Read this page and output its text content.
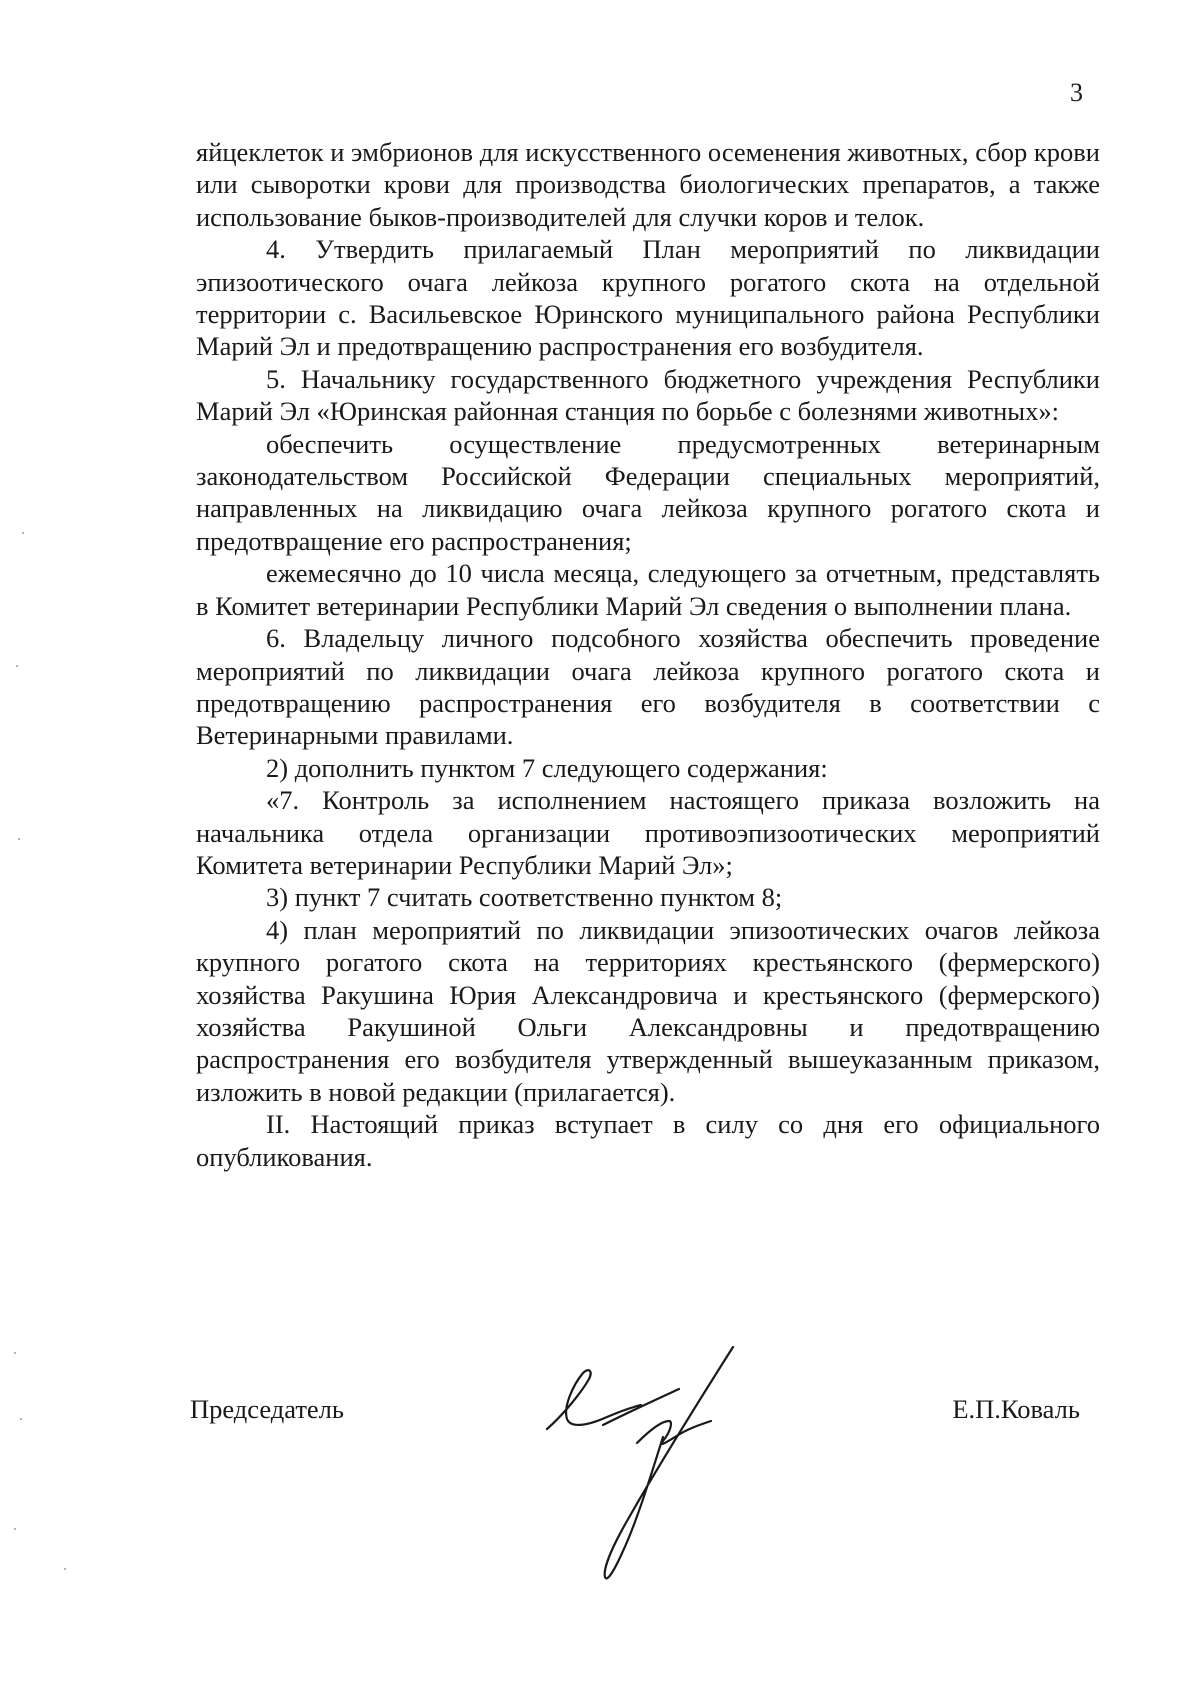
3

яйцеклеток и эмбрионов для искусственного осеменения животных, сбор крови или сыворотки крови для производства биологических препаратов, а также использование быков-производителей для случки коров и телок.

4. Утвердить прилагаемый План мероприятий по ликвидации эпизоотического очага лейкоза крупного рогатого скота на отдельной территории с. Васильевское Юринского муниципального района Республики Марий Эл и предотвращению распространения его возбудителя.

5. Начальнику государственного бюджетного учреждения Республики Марий Эл «Юринская районная станция по борьбе с болезнями животных»:

обеспечить осуществление предусмотренных ветеринарным законодательством Российской Федерации специальных мероприятий, направленных на ликвидацию очага лейкоза крупного рогатого скота и предотвращение его распространения;

ежемесячно до 10 числа месяца, следующего за отчетным, представлять в Комитет ветеринарии Республики Марий Эл сведения о выполнении плана.

6. Владельцу личного подсобного хозяйства обеспечить проведение мероприятий по ликвидации очага лейкоза крупного рогатого скота и предотвращению распространения его возбудителя в соответствии с Ветеринарными правилами.

2) дополнить пунктом 7 следующего содержания:

«7. Контроль за исполнением настоящего приказа возложить на начальника отдела организации противоэпизоотических мероприятий Комитета ветеринарии Республики Марий Эл»;

3) пункт 7 считать соответственно пунктом 8;

4) план мероприятий по ликвидации эпизоотических очагов лейкоза крупного рогатого скота на территориях крестьянского (фермерского) хозяйства Ракушина Юрия Александровича и крестьянского (фермерского) хозяйства Ракушиной Ольги Александровны и предотвращению распространения его возбудителя утвержденный вышеуказанным приказом, изложить в новой редакции (прилагается).

II. Настоящий приказ вступает в силу со дня его официального опубликования.

Председатель	Е.П.Коваль
